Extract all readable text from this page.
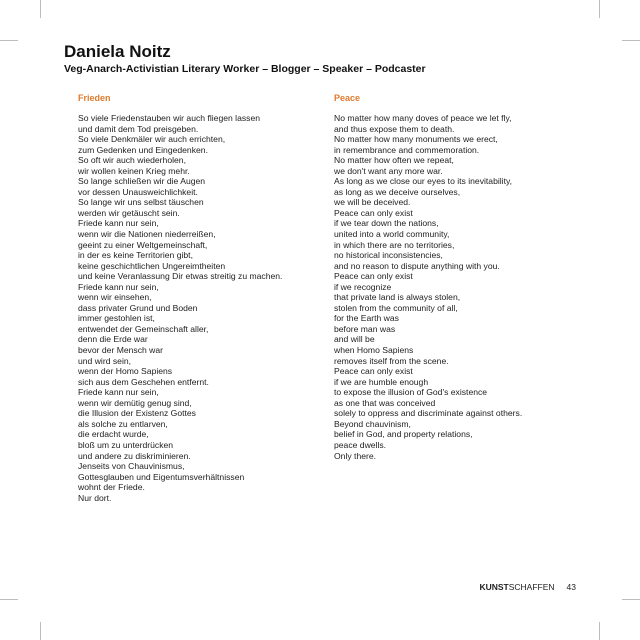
Daniela Noitz

Veg-Anarch-Activistian Literary Worker – Blogger – Speaker – Podcaster

Frieden

So viele Friedenstauben wir auch fliegen lassen
und damit dem Tod preisgeben.
So viele Denkmäler wir auch errichten,
zum Gedenken und Eingedenken.
So oft wir auch wiederholen,
wir wollen keinen Krieg mehr.
So lange schließen wir die Augen
vor dessen Unausweichlichkeit.
So lange wir uns selbst täuschen
werden wir getäuscht sein.
Friede kann nur sein,
wenn wir die Nationen niederreißen,
geeint zu einer Weltgemeinschaft,
in der es keine Territorien gibt,
keine geschichtlichen Ungereimtheiten
und keine Veranlassung Dir etwas streitig zu machen.
Friede kann nur sein,
wenn wir einsehen,
dass privater Grund und Boden
immer gestohlen ist,
entwendet der Gemeinschaft aller,
denn die Erde war
bevor der Mensch war
und wird sein,
wenn der Homo Sapiens
sich aus dem Geschehen entfernt.
Friede kann nur sein,
wenn wir demütig genug sind,
die Illusion der Existenz Gottes
als solche zu entlarven,
die erdacht wurde,
bloß um zu unterdrücken
und andere zu diskriminieren.
Jenseits von Chauvinismus,
Gottesglauben und Eigentumsverhältnissen
wohnt der Friede.
Nur dort.

Peace

No matter how many doves of peace we let fly,
and thus expose them to death.
No matter how many monuments we erect,
in remembrance and commemoration.
No matter how often we repeat,
we don't want any more war.
As long as we close our eyes to its inevitability,
as long as we deceive ourselves,
we will be deceived.
Peace can only exist
if we tear down the nations,
united into a world community,
in which there are no territories,
no historical inconsistencies,
and no reason to dispute anything with you.
Peace can only exist
if we recognize
that private land is always stolen,
stolen from the community of all,
for the Earth was
before man was
and will be
when Homo Sapiens
removes itself from the scene.
Peace can only exist
if we are humble enough
to expose the illusion of God's existence
as one that was conceived
solely to oppress and discriminate against others.
Beyond chauvinism,
belief in God, and property relations,
peace dwells.
Only there.
KUNSTSCHAFFEN 43
